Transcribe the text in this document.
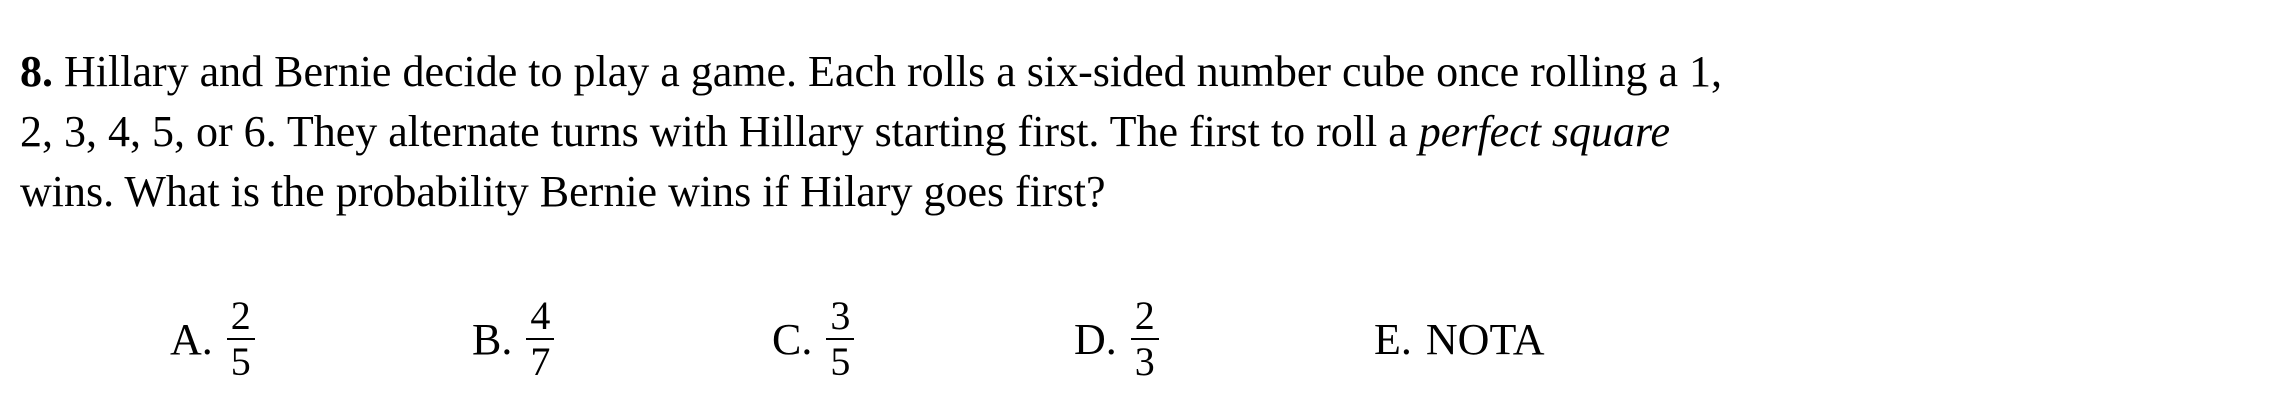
8. Hillary and Bernie decide to play a game. Each rolls a six-sided number cube once rolling a 1,
2, 3, 4, 5, or 6. They alternate turns with Hillary starting first. The first to roll a perfect square
wins. What is the probability Bernie wins if Hilary goes first?
A. $\frac{2}{5}$	B. $\frac{4}{7}$	C. $\frac{3}{5}$	D. $\frac{2}{3}$	E. NOTA
